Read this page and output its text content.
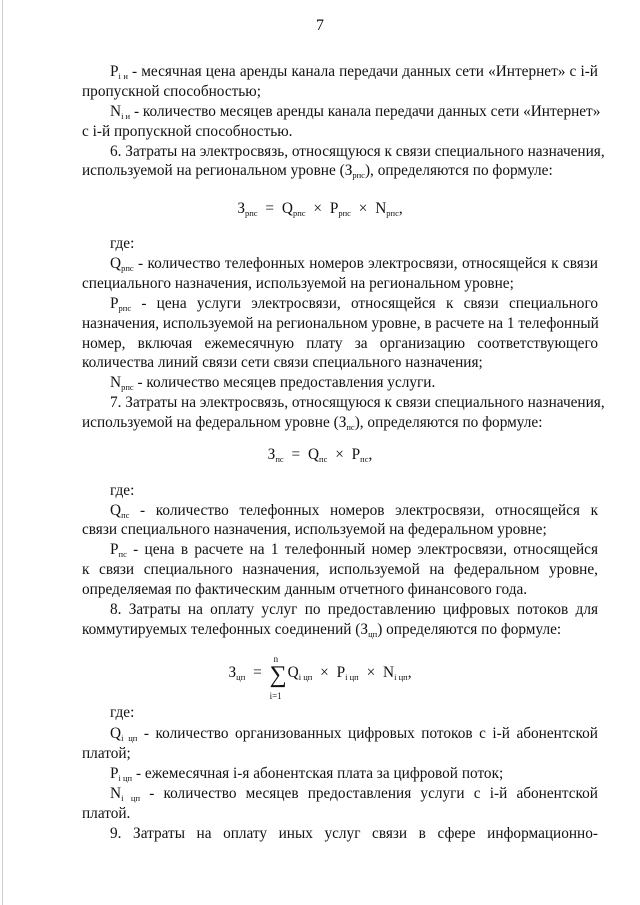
7
$P_{i и}$ - месячная цена аренды канала передачи данных сети «Интернет» с i-й
пропускной способностью;
$N_{i и}$ - количество месяцев аренды канала передачи данных сети «Интернет»
с i-й пропускной способностью.
6. Затраты на электросвязь, относящуюся к связи специального назначения,
используемой на региональном уровне $(З_{рпс})$, определяются по формуле:
$З_{рпс} = Q_{рпс} \times P_{рпс} \times N_{рпс}$,
где:
$Q_{рпс}$ - количество телефонных номеров электросвязи, относящейся к связи
специального назначения, используемой на региональном уровне;
$P_{рпс}$ - цена услуги электросвязи, относящейся к связи специального
назначения, используемой на региональном уровне, в расчете на 1 телефонный
номер, включая ежемесячную плату за организацию соответствующего
количества линий связи сети связи специального назначения;
$N_{рпс}$ - количество месяцев предоставления услуги.
7. Затраты на электросвязь, относящуюся к связи специального назначения,
используемой на федеральном уровне $(З_{пс})$, определяются по формуле:
$З_{пс} = Q_{пс} \times P_{пс}$,
где:
$Q_{пс}$ - количество телефонных номеров электросвязи, относящейся к
связи специального назначения, используемой на федеральном уровне;
$P_{пс}$ - цена в расчете на 1 телефонный номер электросвязи, относящейся
к связи специального назначения, используемой на федеральном уровне,
определяемая по фактическим данным отчетного финансового года.
8. Затраты на оплату услуг по предоставлению цифровых потоков для
коммутируемых телефонных соединений $(З_{цп})$ определяются по формуле:
$З_{цп}$ =
n
∑
i=1
$Q_{i цп} \times P_{i цп} \times N_{i цп}$,
где:
$Q_{i цп}$ - количество организованных цифровых потоков с i-й абонентской
платой;
$P_{i цп}$ - ежемесячная i-я абонентская плата за цифровой поток;
$N_{i цп}$ - количество месяцев предоставления услуги с i-й абонентской
платой.
9. Затраты на оплату иных услуг связи в сфере информационно-
